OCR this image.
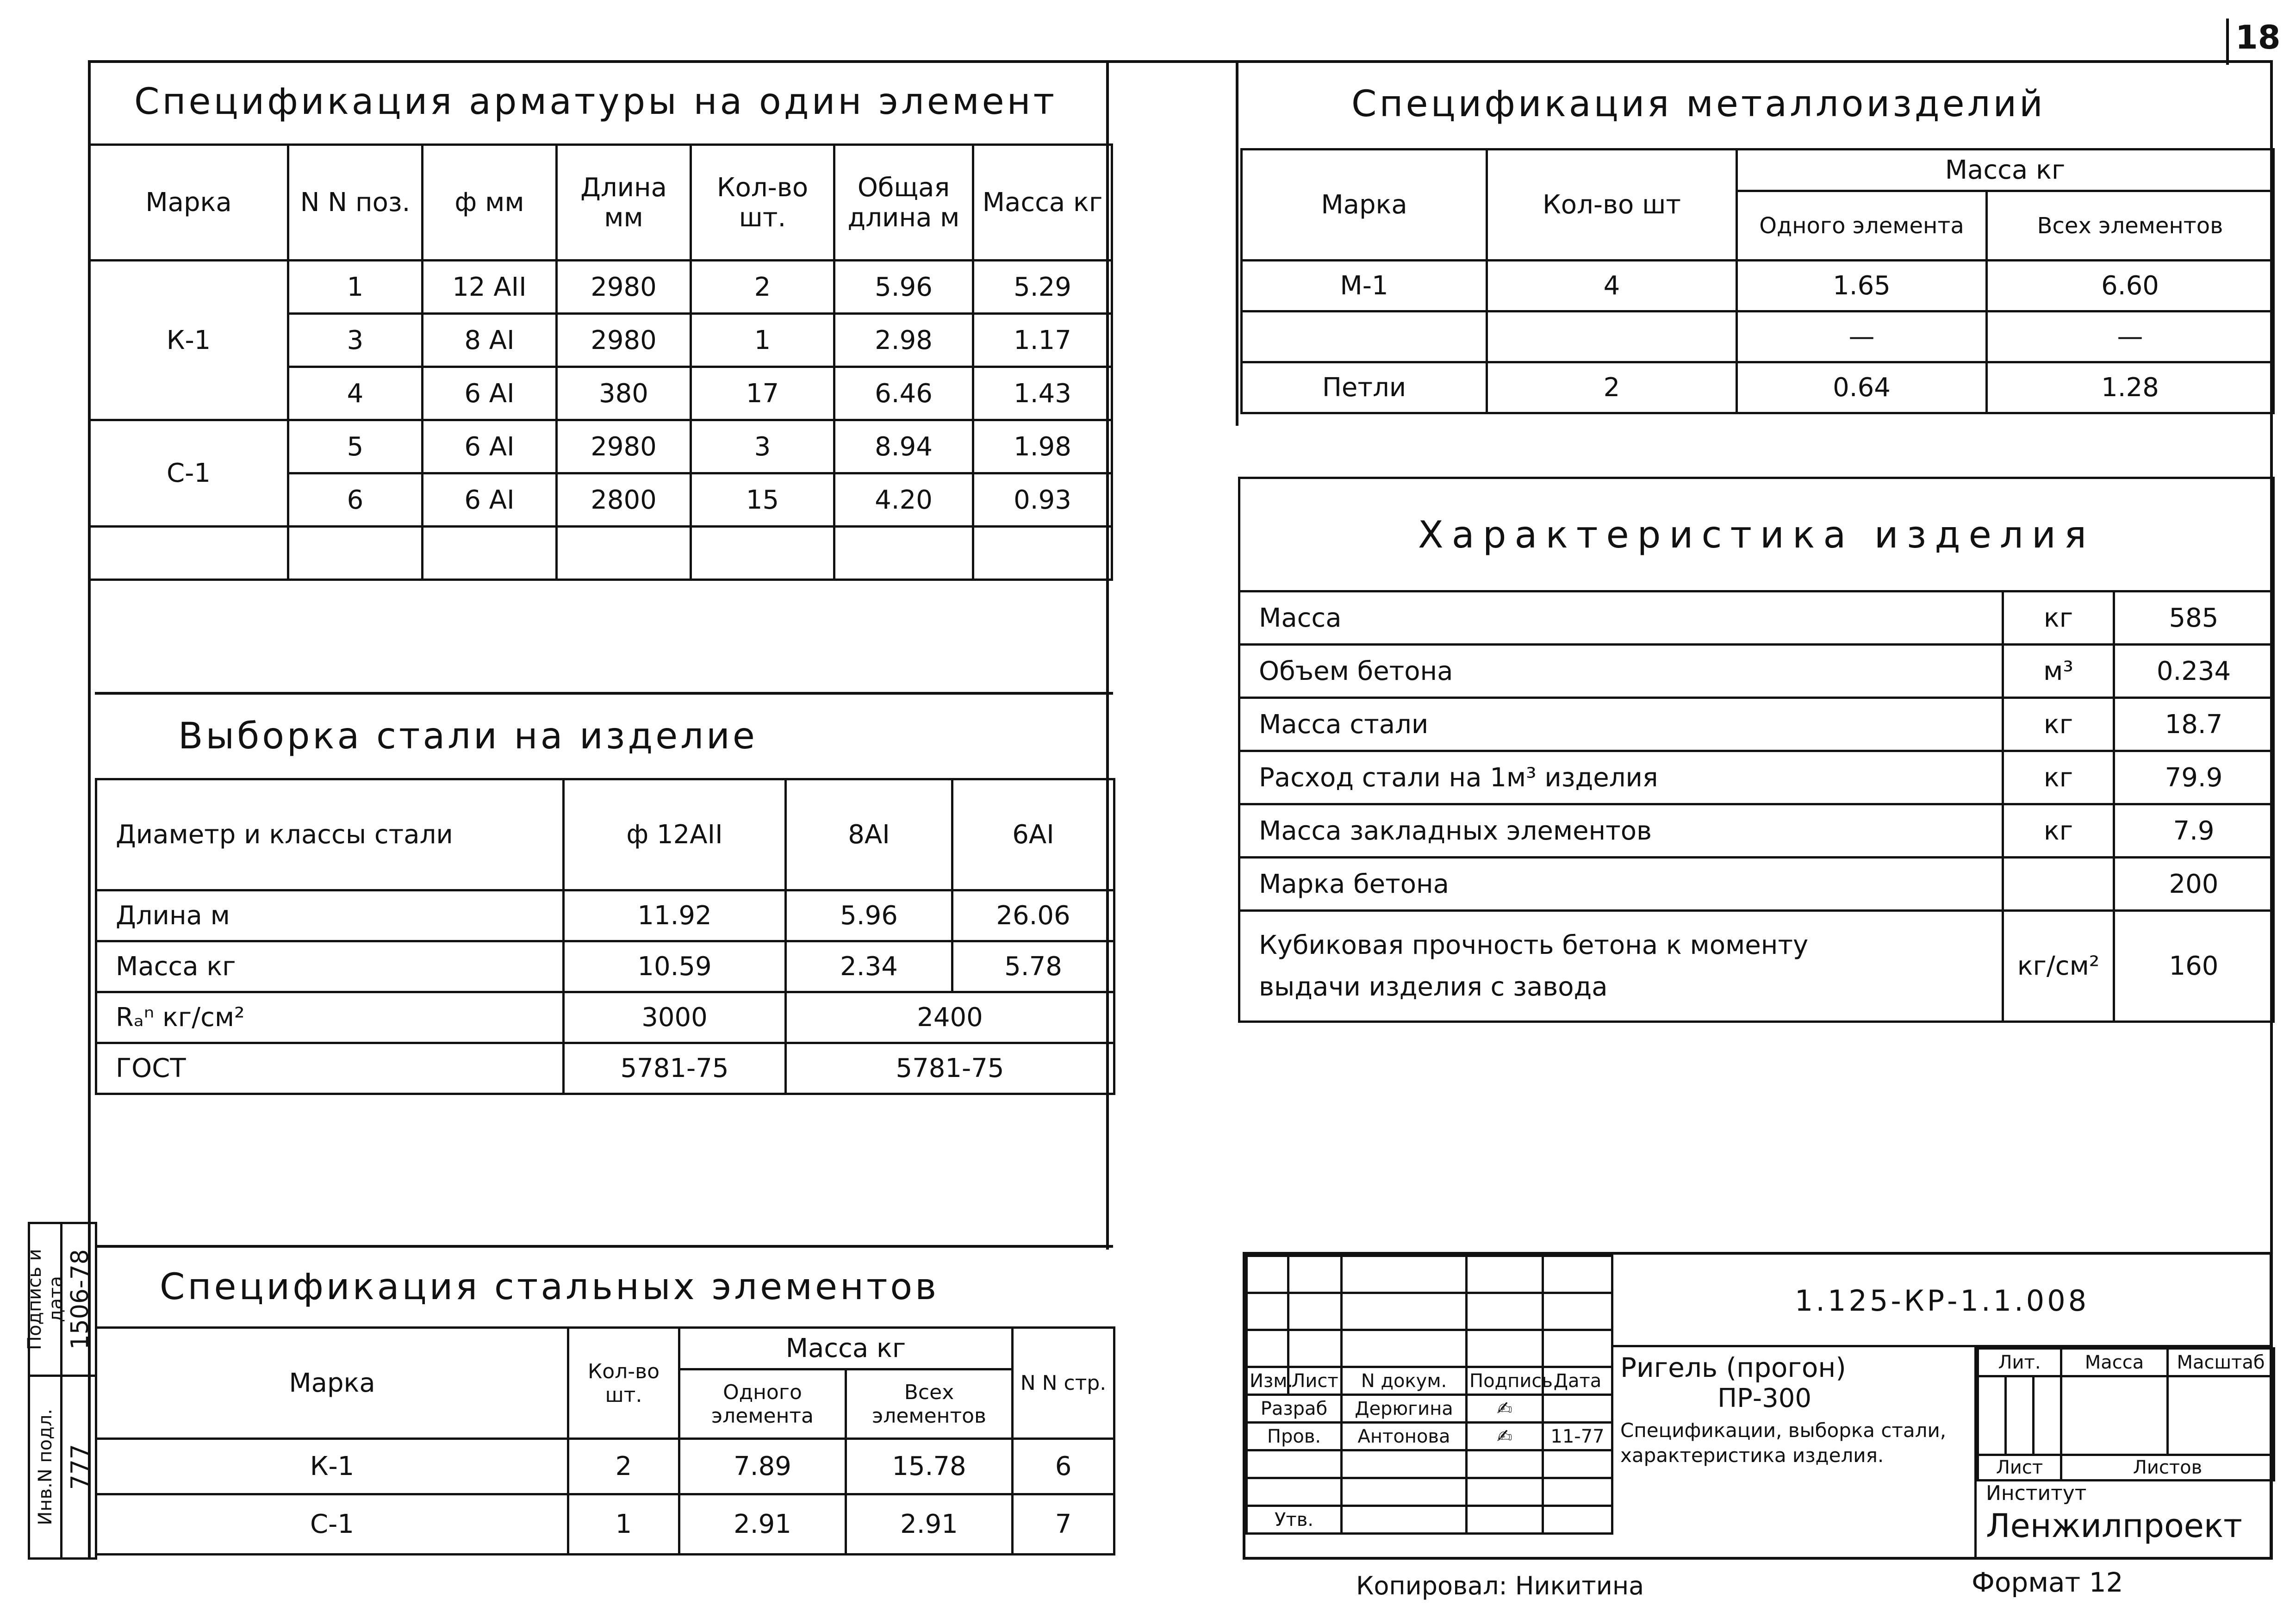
18
Спецификация арматуры на один элемент
Марка	N N поз.	ф мм	Длина мм	Кол-во шт.	Общая длина м	Масса кг
К-1	1	12 АII	2980	2	5.96	5.29
	3	8 АI	2980	1	2.98	1.17
	4	6 АI	380	17	6.46	1.43
С-1	5	6 АI	2980	3	8.94	1.98
	6	6 АI	2800	15	4.20	0.93

Выборка стали на изделие
Диаметр и классы стали	ф 12АII	8АI	6АI
Длина м	11.92	5.96	26.06
Масса кг	10.59	2.34	5.78
Rₐⁿ кг/см²	3000	2400	
ГОСТ	5781-75	5781-75	
Спецификация стальных элементов
Марка	Кол-во шт.	Масса кг		N N стр.
		Одного элемента	Всех элементов	
К-1	2	7.89	15.78	6
С-1	1	2.91	2.91	7
Подпись и дата 1506-78
Инв.N подл. 777
Спецификация металлоизделий
Марка	Кол-во шт	Масса кг	
		Одного элемента	Всех элементов
М-1	4	1.65	6.60
		—	—
Петли	2	0.64	1.28
Характеристика изделия		
Масса	кг	585
Объем бетона	м³	0.234
Масса стали	кг	18.7
Расход стали на 1м³ изделия	кг	79.9
Масса закладных элементов	кг	7.9
Марка бетона		200
Кубиковая прочность бетона к моменту выдачи изделия с завода	кг/см²	160

Изм.	Лист	N докум.	Подпись	Дата
Разраб		Дерюгина	✍	
Пров.		Антонова	✍	11-77

Утв.				
1.125-КР-1.1.008
Ригель (прогон)
ПР-300
Спецификации, выборка стали, характеристика изделия.
Лит.			Масса	Масштаб

Лист			Листов	
Институт
Ленжилпроект
Копировал: Никитина	Формат 12
